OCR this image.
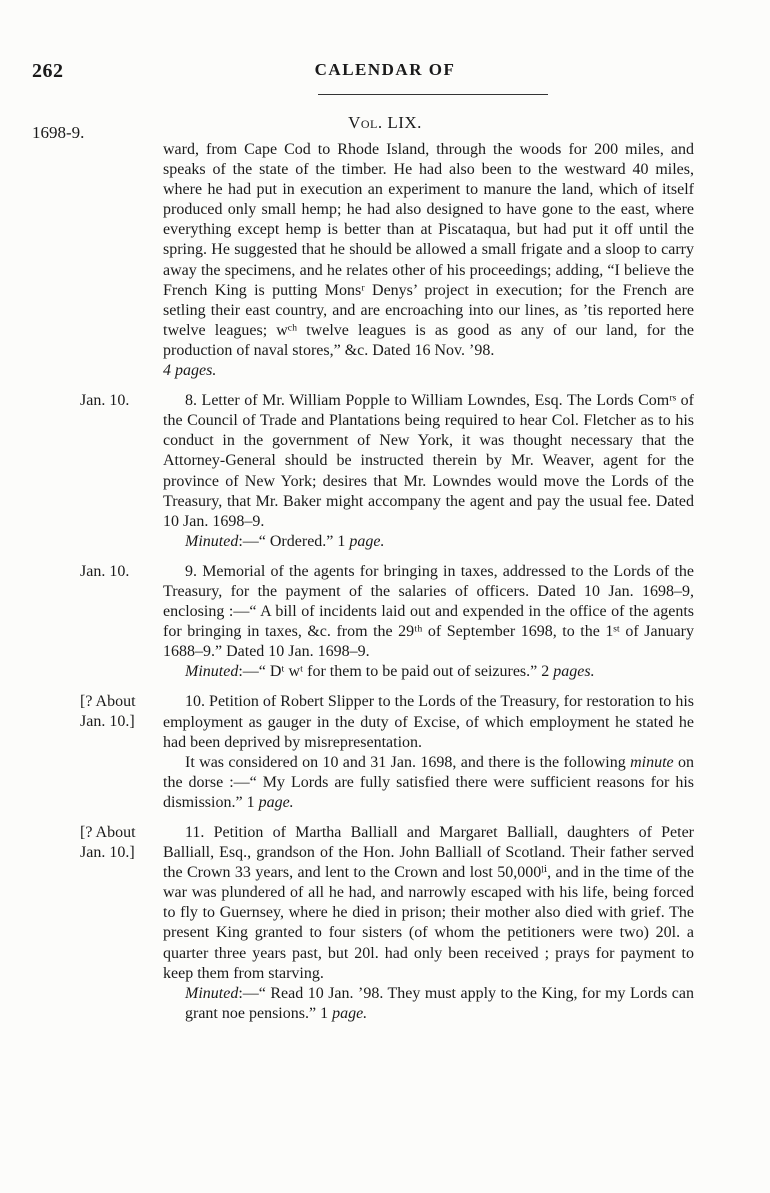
262	CALENDAR OF
Vol. LIX.
1698-9.

ward, from Cape Cod to Rhode Island, through the woods for 200 miles, and speaks of the state of the timber. He had also been to the westward 40 miles, where he had put in execution an experiment to manure the land, which of itself produced only small hemp; he had also designed to have gone to the east, where everything except hemp is better than at Piscataqua, but had put it off until the spring. He suggested that he should be allowed a small frigate and a sloop to carry away the specimens, and he relates other of his proceedings; adding, “I believe the French King is putting Monsʳ Denys’ project in execution; for the French are setling their east country, and are encroaching into our lines, as ’tis reported here twelve leagues; wᶜʰ twelve leagues is as good as any of our land, for the production of naval stores,” &c. Dated 16 Nov. ’98.

4 pages.

Jan. 10.	8. Letter of Mr. William Popple to William Lowndes, Esq. The Lords Comʳˢ of the Council of Trade and Plantations being required to hear Col. Fletcher as to his conduct in the government of New York, it was thought necessary that the Attorney-General should be instructed therein by Mr. Weaver, agent for the province of New York; desires that Mr. Lowndes would move the Lords of the Treasury, that Mr. Baker might accompany the agent and pay the usual fee. Dated 10 Jan. 1698–9.

Minuted:—“ Ordered.” 1 page.

Jan. 10.	9. Memorial of the agents for bringing in taxes, addressed to the Lords of the Treasury, for the payment of the salaries of officers. Dated 10 Jan. 1698–9, enclosing :—“ A bill of incidents laid out and expended in the office of the agents for bringing in taxes, &c. from the 29ᵗʰ of September 1698, to the 1ˢᵗ of January 1688–9.” Dated 10 Jan. 1698–9.

Minuted:—“ Dᵗ wᵗ for them to be paid out of seizures.” 2 pages.

[? About Jan. 10.]

10. Petition of Robert Slipper to the Lords of the Treasury, for restoration to his employment as gauger in the duty of Excise, of which employment he stated he had been deprived by misrepresentation.

It was considered on 10 and 31 Jan. 1698, and there is the following minute on the dorse :—“ My Lords are fully satisfied there were sufficient reasons for his dismission.” 1 page.

[? About Jan. 10.]

11. Petition of Martha Balliall and Margaret Balliall, daughters of Peter Balliall, Esq., grandson of the Hon. John Balliall of Scotland. Their father served the Crown 33 years, and lent to the Crown and lost 50,000ˡⁱ, and in the time of the war was plundered of all he had, and narrowly escaped with his life, being forced to fly to Guernsey, where he died in prison; their mother also died with grief. The present King granted to four sisters (of whom the petitioners were two) 20l. a quarter three years past, but 20l. had only been received ; prays for payment to keep them from starving.

Minuted:—“ Read 10 Jan. ’98. They must apply to the King, for my Lords can grant noe pensions.” 1 page.
